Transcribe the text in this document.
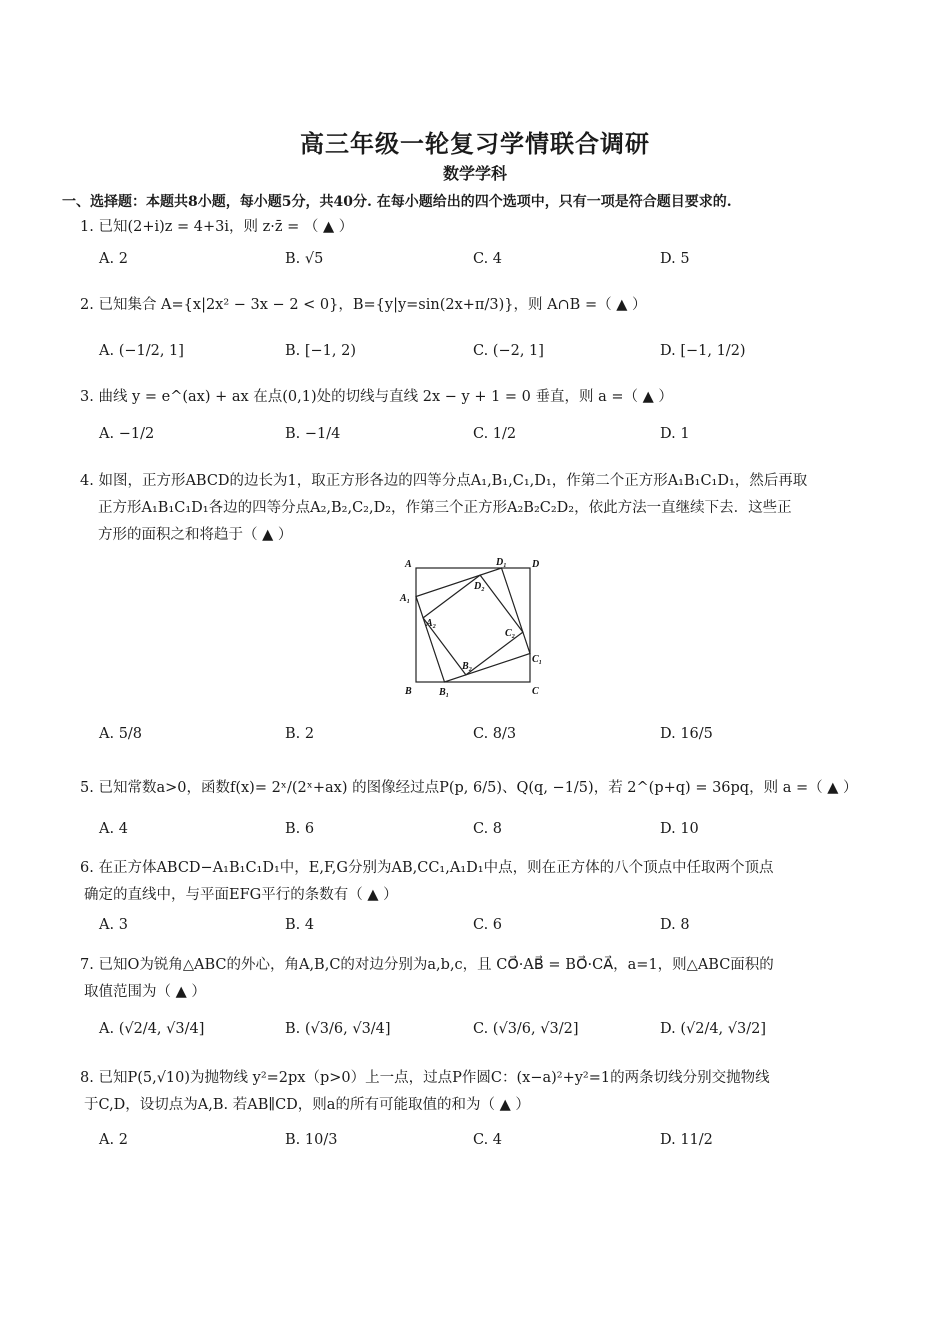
高三年级一轮复习学情联合调研
数学学科
一、选择题：本题共8小题，每小题5分，共40分. 在每小题给出的四个选项中，只有一项是符合题目要求的.
1. 已知(2+i)z = 4+3i，则 z·z̄ = （ ▲ ）
A. 2	B. √5	C. 4	D. 5
2. 已知集合 A={x|2x² − 3x − 2 < 0}，B={y|y=sin(2x+π/3)}，则 A∩B =（ ▲ ）
A. (−1/2, 1]	B. [−1, 2)	C. (−2, 1]	D. [−1, 1/2)
3. 曲线 y = e^(ax) + ax 在点(0,1)处的切线与直线 2x − y + 1 = 0 垂直，则 a =（ ▲ ）
A. −1/2	B. −1/4	C. 1/2	D. 1
4. 如图，正方形ABCD的边长为1，取正方形各边的四等分点A₁,B₁,C₁,D₁，作第二个正方形A₁B₁C₁D₁，然后再取
正方形A₁B₁C₁D₁各边的四等分点A₂,B₂,C₂,D₂，作第三个正方形A₂B₂C₂D₂，依此方法一直继续下去．这些正
方形的面积之和将趋于（ ▲ ）
A	D
B	C
A₁
D₁
B₁
C₁
A₂
D₂
B₂
C₂
A. 5/8	B. 2	C. 8/3	D. 16/5
5. 已知常数a>0，函数f(x)= 2ˣ/(2ˣ+ax) 的图像经过点P(p, 6/5)、Q(q, −1/5)，若 2^(p+q) = 36pq，则 a =（ ▲ ）
A. 4	B. 6	C. 8	D. 10
6. 在正方体ABCD−A₁B₁C₁D₁中，E,F,G分别为AB,CC₁,A₁D₁中点，则在正方体的八个顶点中任取两个顶点
确定的直线中，与平面EFG平行的条数有（ ▲ ）
A. 3	B. 4	C. 6	D. 8
7. 已知O为锐角△ABC的外心，角A,B,C的对边分别为a,b,c，且 CO⃗·AB⃗ = BO⃗·CA⃗，a=1，则△ABC面积的
取值范围为（ ▲ ）
A. (√2/4, √3/4]	B. (√3/6, √3/4]	C. (√3/6, √3/2]	D. (√2/4, √3/2]
8. 已知P(5,√10)为抛物线 y²=2px（p>0）上一点，过点P作圆C：(x−a)²+y²=1的两条切线分别交抛物线
于C,D，设切点为A,B. 若AB∥CD，则a的所有可能取值的和为（ ▲ ）
A. 2	B. 10/3	C. 4	D. 11/2
